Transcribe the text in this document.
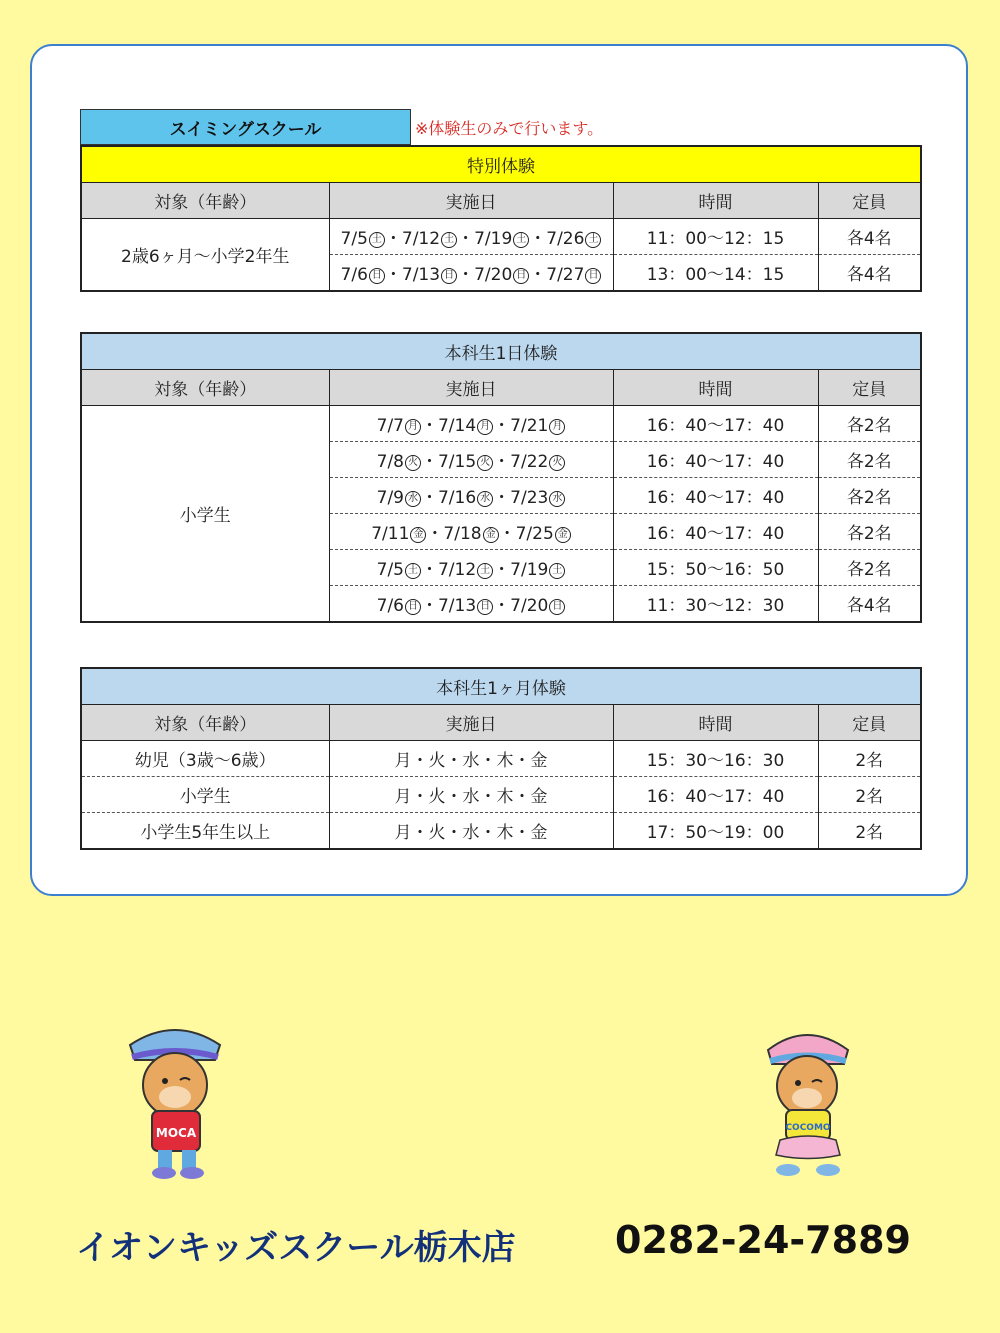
スイミングスクール	※体験生のみで行います。
特別体験			
対象（年齢）	実施日	時間	定員
2歳6ヶ月～小学2年生	7/5 土 ・7/12 土 ・7/19 土 ・7/26 土	11：00～12：15	各4名
	7/6 日 ・7/13 日 ・7/20 日 ・7/27 日	13：00～14：15	各4名
本科生1日体験			
対象（年齢）	実施日	時間	定員
小学生	7/7 月 ・7/14 月 ・7/21 月	16：40～17：40	各2名
	7/8 火 ・7/15 火 ・7/22 火	16：40～17：40	各2名
	7/9 水 ・7/16 水 ・7/23 水	16：40～17：40	各2名
	7/11 金 ・7/18 金 ・7/25 金	16：40～17：40	各2名
	7/5 土 ・7/12 土 ・7/19 土	15：50～16：50	各2名
	7/6 日 ・7/13 日 ・7/20 日	11：30～12：30	各4名
本科生1ヶ月体験			
対象（年齢）	実施日	時間	定員
幼児（3歳～6歳）	月・火・水・木・金	15：30～16：30	2名
小学生	月・火・水・木・金	16：40～17：40	2名
小学生5年生以上	月・火・水・木・金	17：50～19：00	2名
MOCA	COCOMO
イオンキッズスクール栃木店	0282-24-7889
